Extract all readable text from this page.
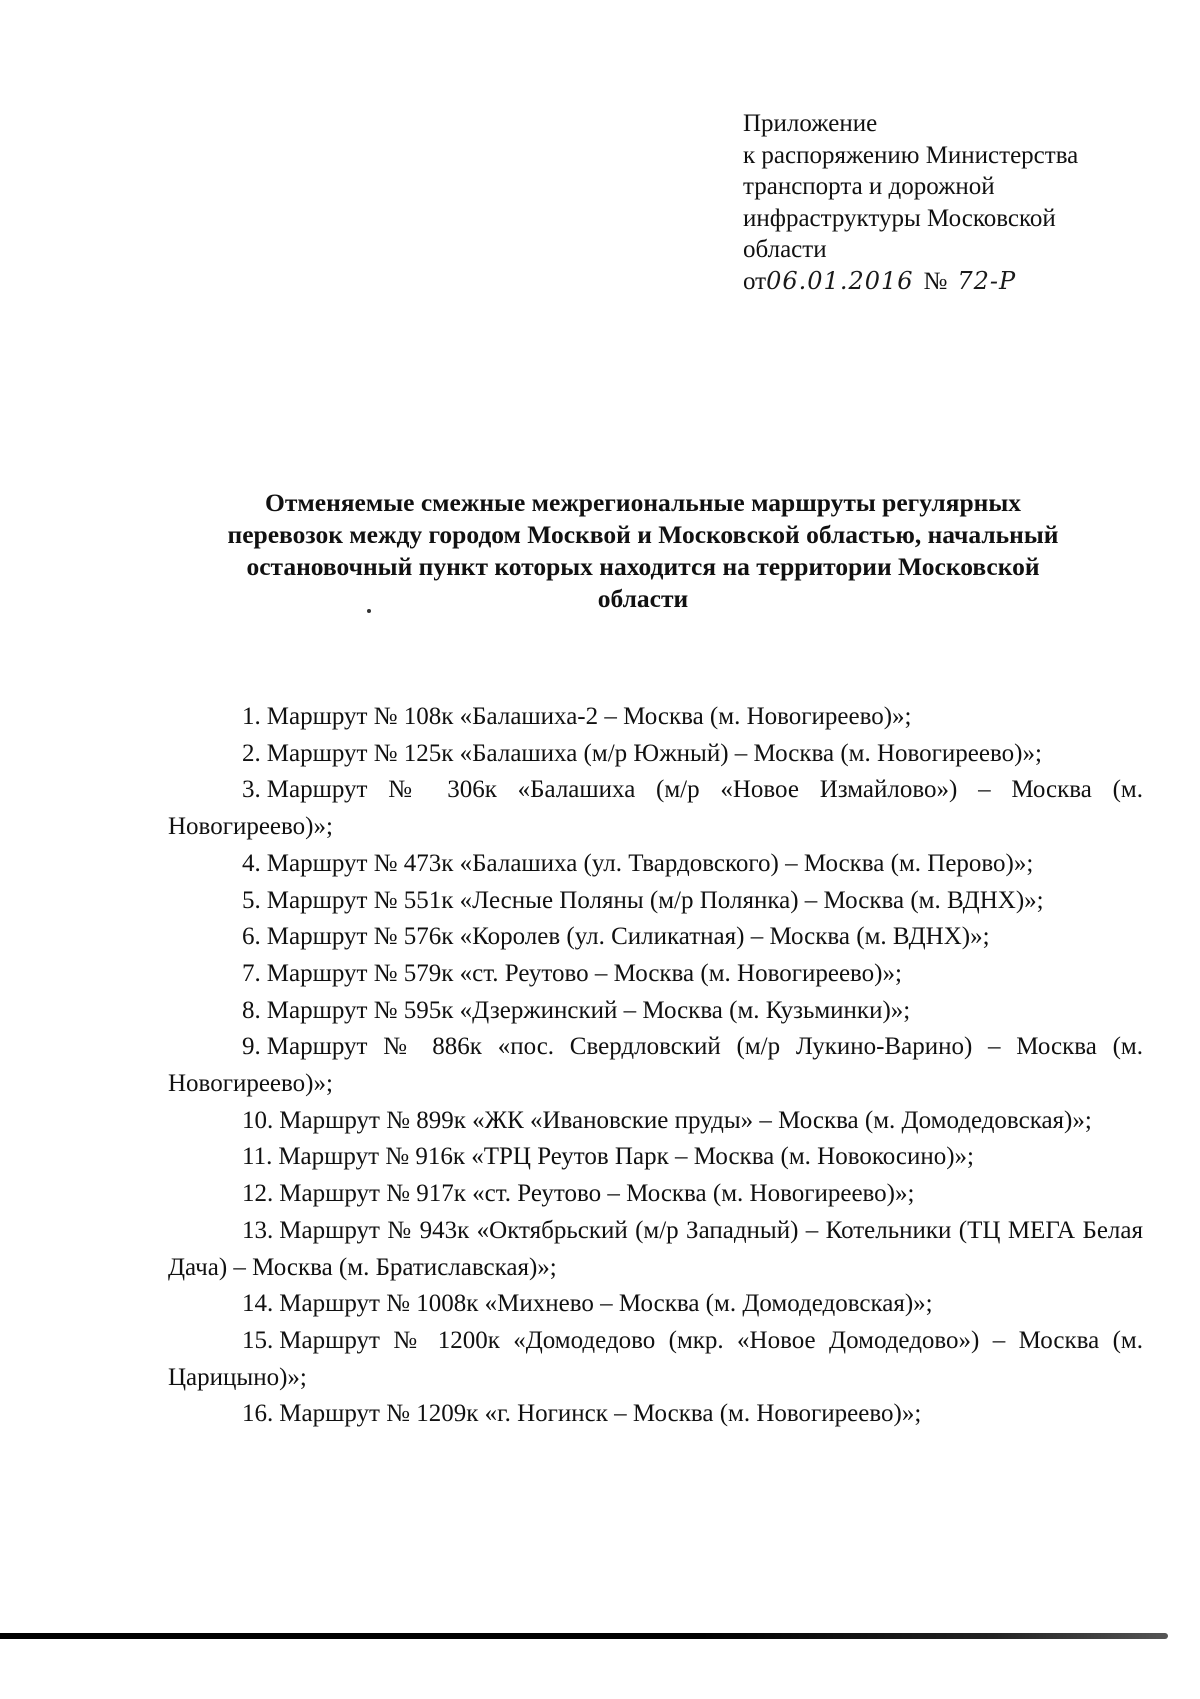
Приложение
к распоряжению Министерства
транспорта и дорожной
инфраструктуры Московской
области
от 06.01.2016 № 72-Р
Отменяемые смежные межрегиональные маршруты регулярных
перевозок между городом Москвой и Московской областью, начальный
остановочный пункт которых находится на территории Московской
области

1. Маршрут № 108к «Балашиха-2 – Москва (м. Новогиреево)»;

2. Маршрут № 125к «Балашиха (м/р Южный) – Москва (м. Новогиреево)»;

3. Маршрут № 306к «Балашиха (м/р «Новое Измайлово») – Москва (м. Новогиреево)»;

4. Маршрут № 473к «Балашиха (ул. Твардовского) – Москва (м. Перово)»;

5. Маршрут № 551к «Лесные Поляны (м/р Полянка) – Москва (м. ВДНХ)»;

6. Маршрут № 576к «Королев (ул. Силикатная) – Москва (м. ВДНХ)»;

7. Маршрут № 579к «ст. Реутово – Москва (м. Новогиреево)»;

8. Маршрут № 595к «Дзержинский – Москва (м. Кузьминки)»;

9. Маршрут № 886к «пос. Свердловский (м/р Лукино-Варино) – Москва (м. Новогиреево)»;

10. Маршрут № 899к «ЖК «Ивановские пруды» – Москва (м. Домодедовская)»;

11. Маршрут № 916к «ТРЦ Реутов Парк – Москва (м. Новокосино)»;

12. Маршрут № 917к «ст. Реутово – Москва (м. Новогиреево)»;

13. Маршрут № 943к «Октябрьский (м/р Западный) – Котельники (ТЦ МЕГА Белая Дача) – Москва (м. Братиславская)»;

14. Маршрут № 1008к «Михнево – Москва (м. Домодедовская)»;

15. Маршрут № 1200к «Домодедово (мкр. «Новое Домодедово») – Москва (м. Царицыно)»;

16. Маршрут № 1209к «г. Ногинск – Москва (м. Новогиреево)»;
